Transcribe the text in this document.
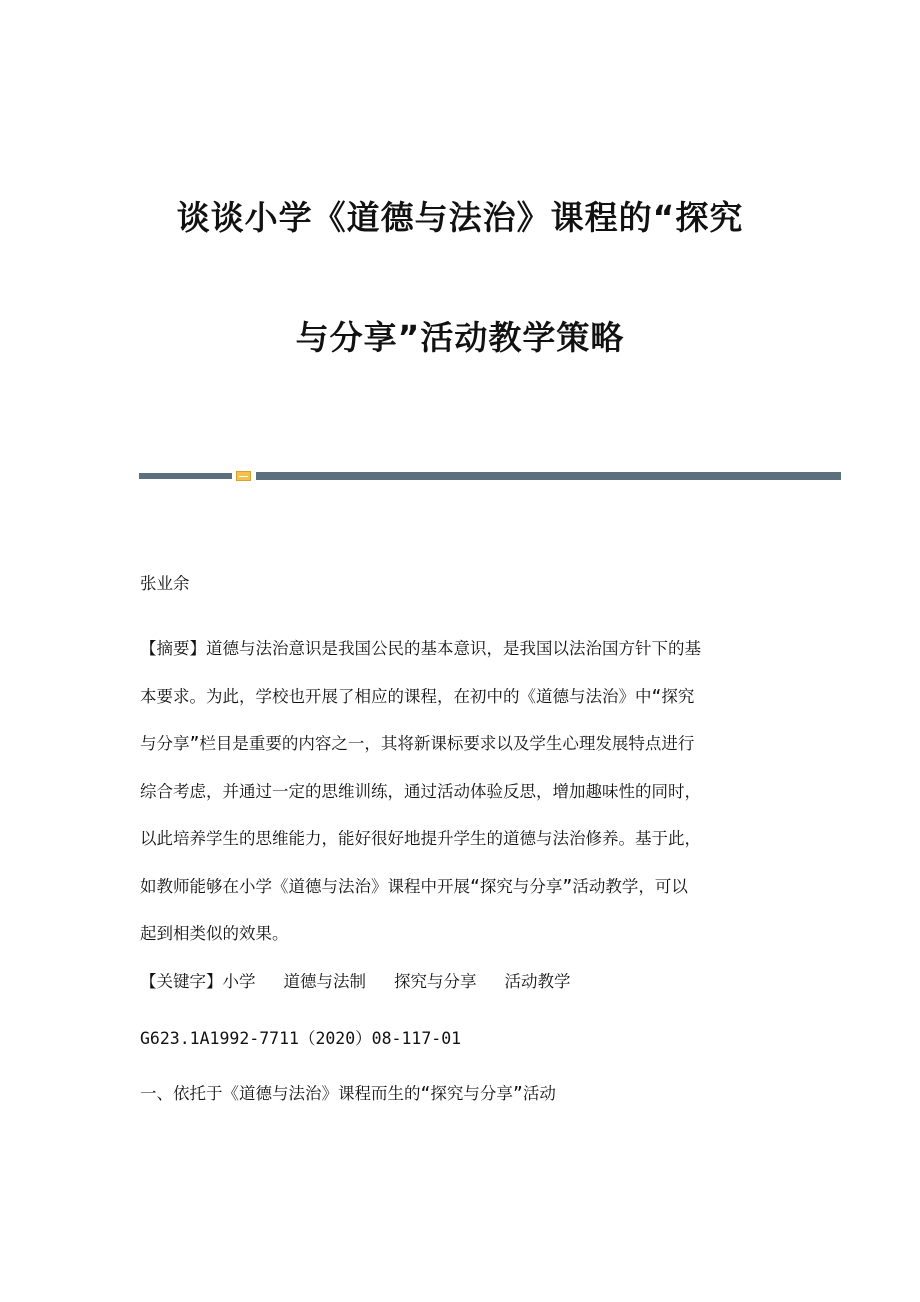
谈谈小学《道德与法治》课程的“探究
与分享”活动教学策略

张业余

【摘要】道德与法治意识是我国公民的基本意识，是我国以法治国方针下的基
本要求。为此，学校也开展了相应的课程，在初中的《道德与法治》中“探究
与分享”栏目是重要的内容之一，其将新课标要求以及学生心理发展特点进行
综合考虑，并通过一定的思维训练，通过活动体验反思，增加趣味性的同时，
以此培养学生的思维能力，能好很好地提升学生的道德与法治修养。基于此，
如教师能够在小学《道德与法治》课程中开展“探究与分享”活动教学，可以
起到相类似的效果。

【关键字】小学 道德与法制 探究与分享 活动教学

G623.1A1992-7711（2020）08-117-01

一、依托于《道德与法治》课程而生的“探究与分享”活动
